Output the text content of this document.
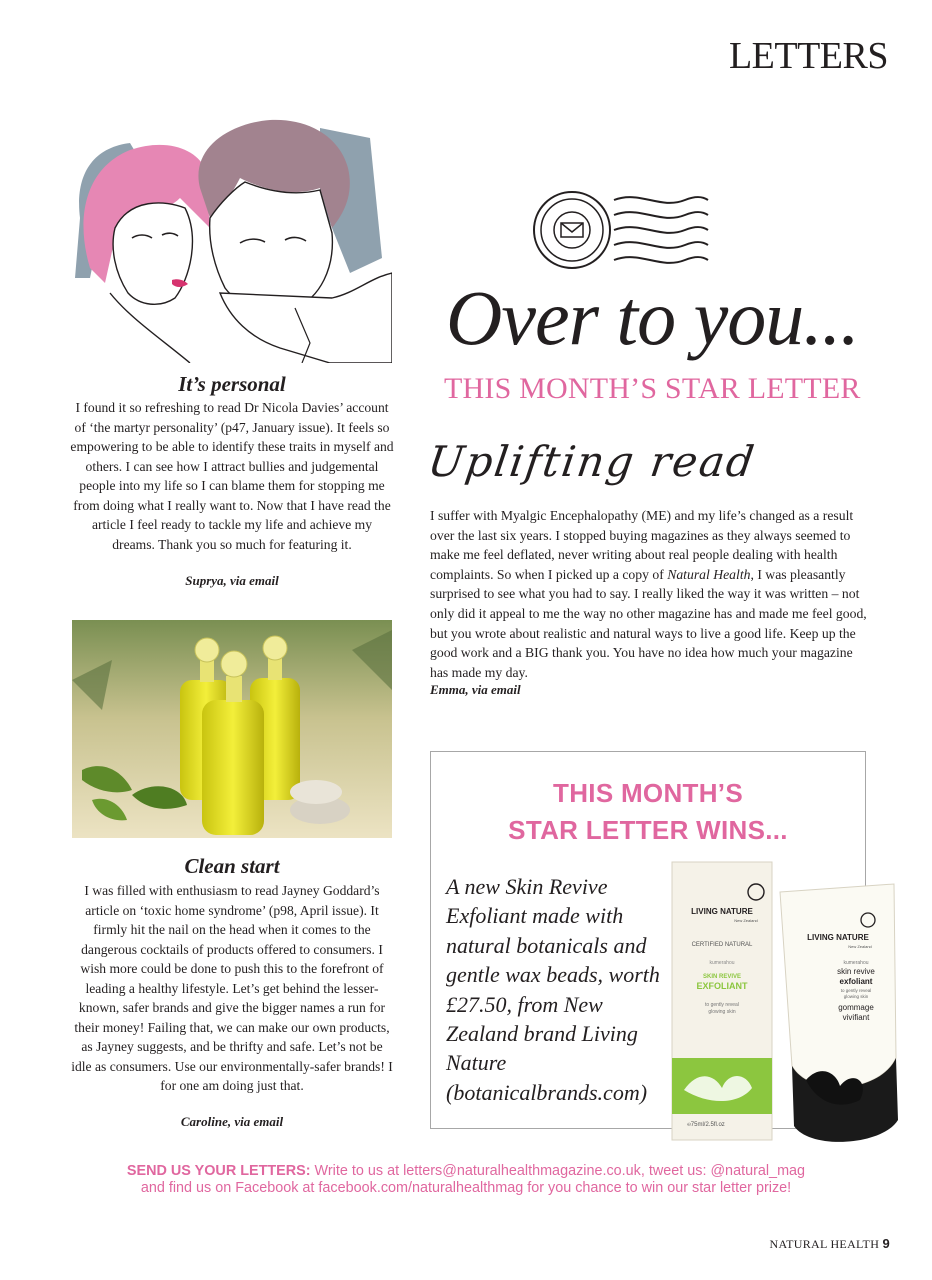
LETTERS
It’s personal
I found it so refreshing to read Dr Nicola Davies’ account of ‘the martyr personality’ (p47, January issue). It feels so empowering to be able to identify these traits in myself and others. I can see how I attract bullies and judgemental people into my life so I can blame them for stopping me from doing what I really want to. Now that I have read the article I feel ready to tackle my life and achieve my dreams. Thank you so much for featuring it.
Suprya, via email
Clean start
I was filled with enthusiasm to read Jayney Goddard’s article on ‘toxic home syndrome’ (p98, April issue). It firmly hit the nail on the head when it comes to the dangerous cocktails of products offered to consumers. I wish more could be done to push this to the forefront of leading a healthy lifestyle. Let’s get behind the lesser-known, safer brands and give the bigger names a run for their money! Failing that, we can make our own products, as Jayney suggests, and be thrifty and safe. Let’s not be idle as consumers. Use our environmentally-safer brands! I for one am doing just that.
Caroline, via email
Over to you...
THIS MONTH’S STAR LETTER
Uplifting read
I suffer with Myalgic Encephalopathy (ME) and my life’s changed as a result over the last six years. I stopped buying magazines as they always seemed to make me feel deflated, never writing about real people dealing with health complaints. So when I picked up a copy of Natural Health, I was pleasantly surprised to see what you had to say. I really liked the way it was written – not only did it appeal to me the way no other magazine has and made me feel good, but you wrote about realistic and natural ways to live a good life. Keep up the good work and a BIG thank you. You have no idea how much your magazine has made my day.
Emma, via email
THIS MONTH’S
STAR LETTER WINS...
A new Skin Revive Exfoliant made with natural botanicals and gentle wax beads, worth £27.50, from New Zealand brand Living Nature (botanicalbrands.com)
LIVING NATURE
New Zealand
CERTIFIED NATURAL
kumerahou
SKIN REVIVE
EXFOLIANT
to gently reveal
glowing skin
℮75ml/2.5fl.oz
LIVING NATURE
New Zealand
kumerahou
skin revive
exfoliant
to gently reveal
glowing skin
gommage
vivifiant
SEND US YOUR LETTERS: Write to us at letters@naturalhealthmagazine.co.uk, tweet us: @natural_mag
and find us on Facebook at facebook.com/naturalhealthmag for you chance to win our star letter prize!
NATURAL HEALTH 9
